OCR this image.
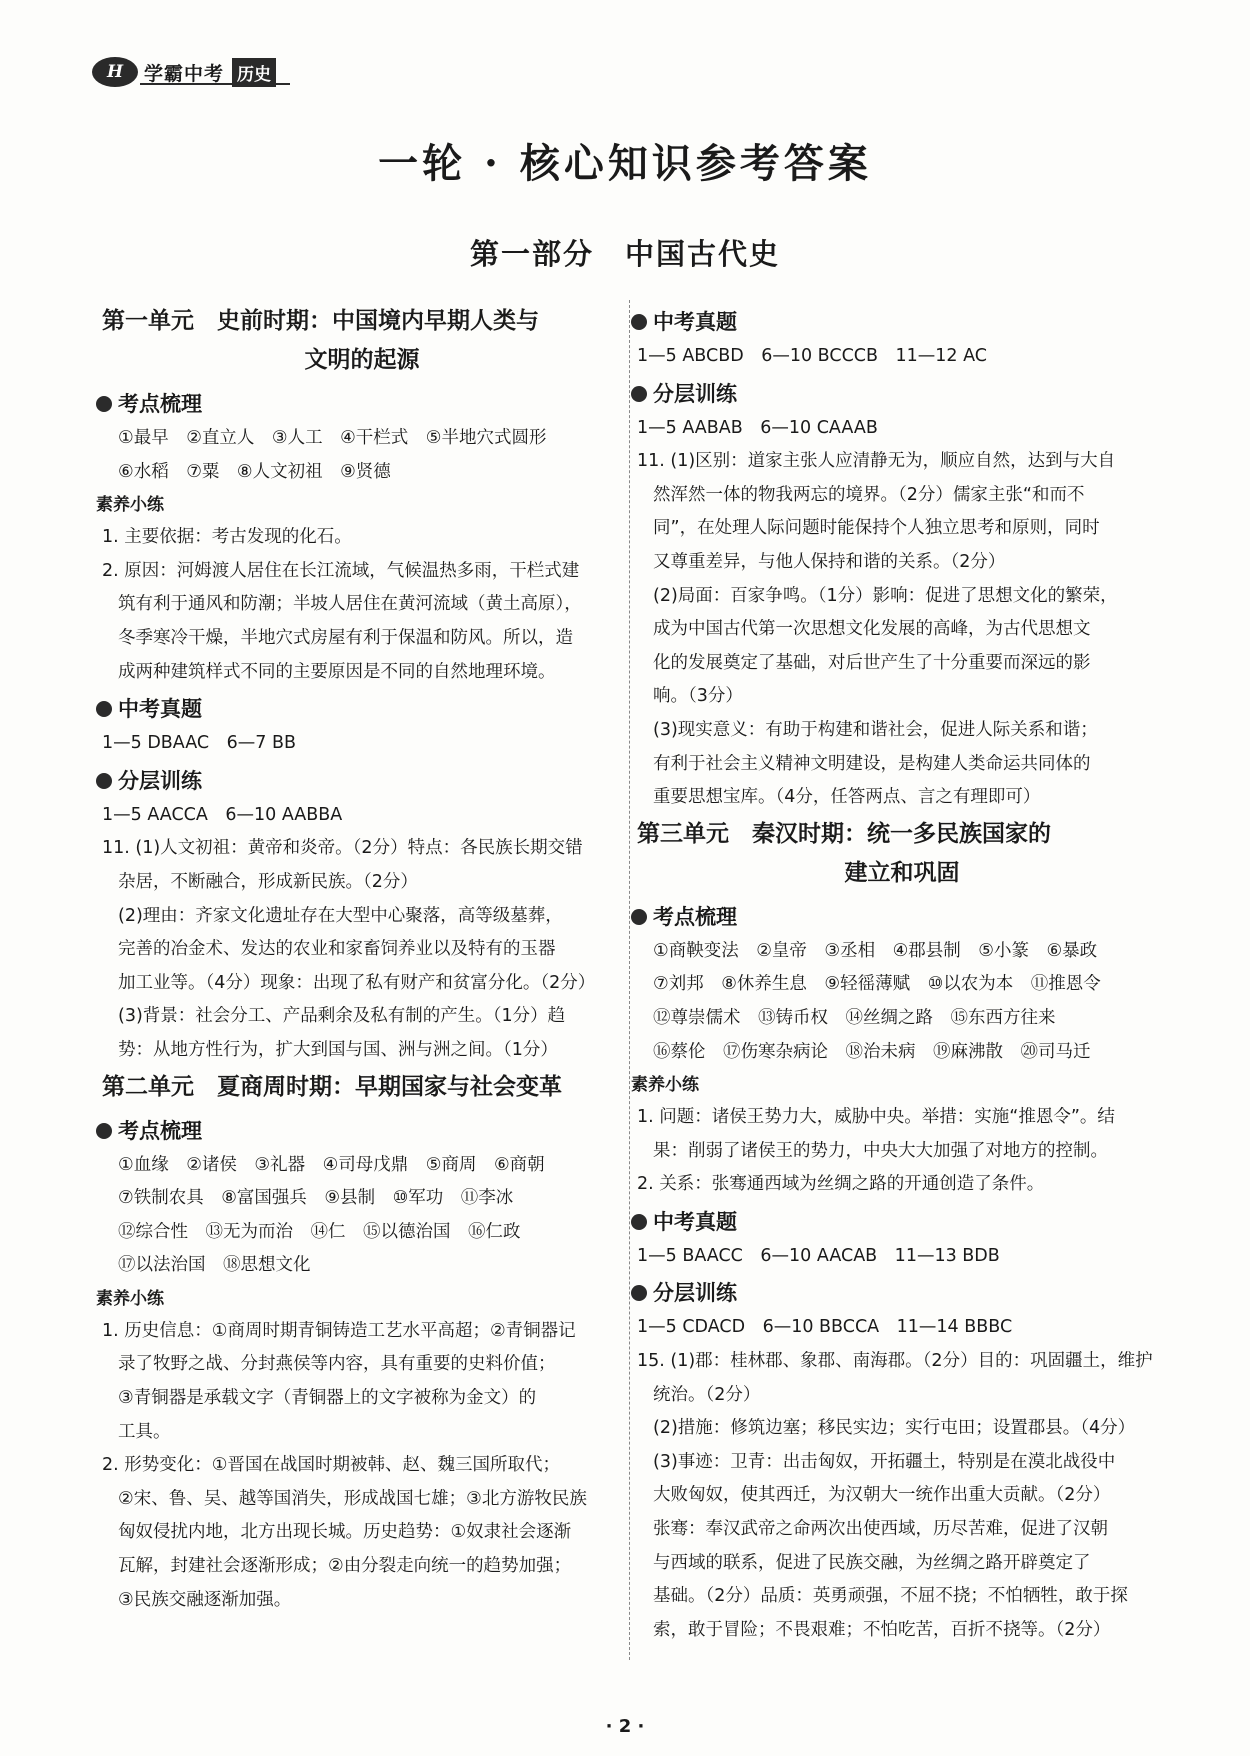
H	学霸中考 历史
一轮 · 核心知识参考答案
第一部分　中国古代史
第一单元　史前时期：中国境内早期人类与
文明的起源
考点梳理
①最早　②直立人　③人工　④干栏式　⑤半地穴式圆形
⑥水稻　⑦粟　⑧人文初祖　⑨贤德
素养小练
1. 主要依据：考古发现的化石。
2. 原因：河姆渡人居住在长江流域，气候温热多雨，干栏式建
筑有利于通风和防潮；半坡人居住在黄河流域（黄土高原），
冬季寒冷干燥，半地穴式房屋有利于保温和防风。所以，造
成两种建筑样式不同的主要原因是不同的自然地理环境。
中考真题
1—5 DBAAC　6—7 BB
分层训练
1—5 AACCA　6—10 AABBA
11. (1)人文初祖：黄帝和炎帝。（2分）特点：各民族长期交错
杂居，不断融合，形成新民族。（2分）
(2)理由：齐家文化遗址存在大型中心聚落，高等级墓葬，
完善的冶金术、发达的农业和家畜饲养业以及特有的玉器
加工业等。（4分）现象：出现了私有财产和贫富分化。（2分）
(3)背景：社会分工、产品剩余及私有制的产生。（1分）趋
势：从地方性行为，扩大到国与国、洲与洲之间。（1分）
第二单元　夏商周时期：早期国家与社会变革
考点梳理
①血缘　②诸侯　③礼器　④司母戊鼎　⑤商周　⑥商朝
⑦铁制农具　⑧富国强兵　⑨县制　⑩军功　⑪李冰
⑫综合性　⑬无为而治　⑭仁　⑮以德治国　⑯仁政
⑰以法治国　⑱思想文化
素养小练
1. 历史信息：①商周时期青铜铸造工艺水平高超；②青铜器记
录了牧野之战、分封燕侯等内容，具有重要的史料价值；
③青铜器是承载文字（青铜器上的文字被称为金文）的
工具。
2. 形势变化：①晋国在战国时期被韩、赵、魏三国所取代；
②宋、鲁、吴、越等国消失，形成战国七雄；③北方游牧民族
匈奴侵扰内地，北方出现长城。历史趋势：①奴隶社会逐渐
瓦解，封建社会逐渐形成；②由分裂走向统一的趋势加强；
③民族交融逐渐加强。
中考真题
1—5 ABCBD　6—10 BCCCB　11—12 AC
分层训练
1—5 AABAB　6—10 CAAAB
11. (1)区别：道家主张人应清静无为，顺应自然，达到与大自
然浑然一体的物我两忘的境界。（2分）儒家主张“和而不
同”，在处理人际问题时能保持个人独立思考和原则，同时
又尊重差异，与他人保持和谐的关系。（2分）
(2)局面：百家争鸣。（1分）影响：促进了思想文化的繁荣，
成为中国古代第一次思想文化发展的高峰，为古代思想文
化的发展奠定了基础，对后世产生了十分重要而深远的影
响。（3分）
(3)现实意义：有助于构建和谐社会，促进人际关系和谐；
有利于社会主义精神文明建设，是构建人类命运共同体的
重要思想宝库。（4分，任答两点、言之有理即可）
第三单元　秦汉时期：统一多民族国家的
建立和巩固
考点梳理
①商鞅变法　②皇帝　③丞相　④郡县制　⑤小篆　⑥暴政
⑦刘邦　⑧休养生息　⑨轻徭薄赋　⑩以农为本　⑪推恩令
⑫尊崇儒术　⑬铸币权　⑭丝绸之路　⑮东西方往来
⑯蔡伦　⑰伤寒杂病论　⑱治未病　⑲麻沸散　⑳司马迁
素养小练
1. 问题：诸侯王势力大，威胁中央。举措：实施“推恩令”。结
果：削弱了诸侯王的势力，中央大大加强了对地方的控制。
2. 关系：张骞通西域为丝绸之路的开通创造了条件。
中考真题
1—5 BAACC　6—10 AACAB　11—13 BDB
分层训练
1—5 CDACD　6—10 BBCCA　11—14 BBBC
15. (1)郡：桂林郡、象郡、南海郡。（2分）目的：巩固疆土，维护
统治。（2分）
(2)措施：修筑边塞；移民实边；实行屯田；设置郡县。（4分）
(3)事迹：卫青：出击匈奴，开拓疆土，特别是在漠北战役中
大败匈奴，使其西迁，为汉朝大一统作出重大贡献。（2分）
张骞：奉汉武帝之命两次出使西域，历尽苦难，促进了汉朝
与西域的联系，促进了民族交融，为丝绸之路开辟奠定了
基础。（2分）品质：英勇顽强，不屈不挠；不怕牺牲，敢于探
索，敢于冒险；不畏艰难；不怕吃苦，百折不挠等。（2分）
· 2 ·
